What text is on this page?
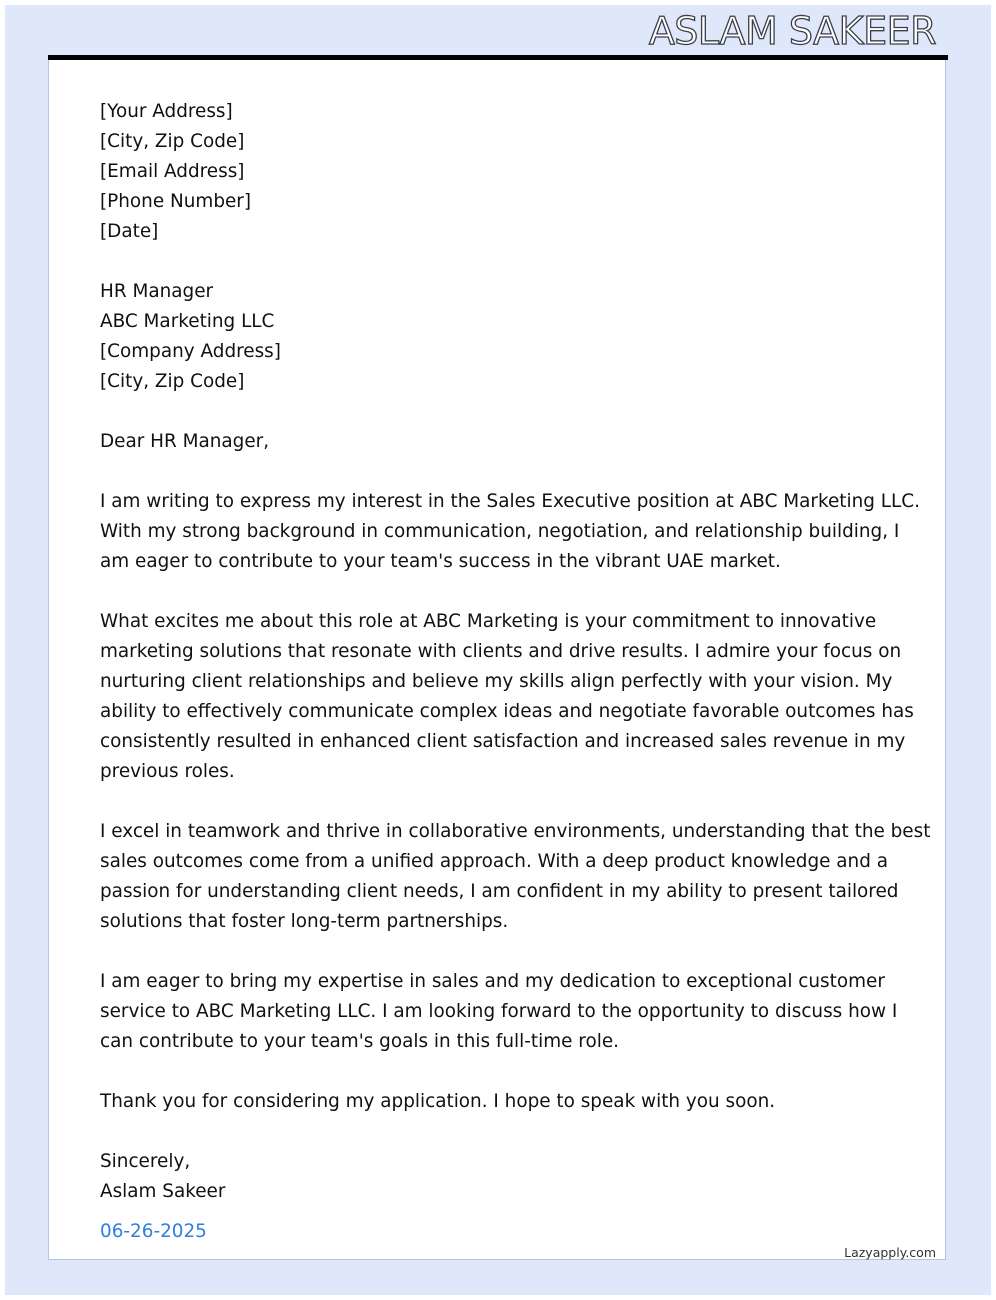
ASLAM SAKEER
[Your Address]
[City, Zip Code]
[Email Address]
[Phone Number]
[Date]
HR Manager
ABC Marketing LLC
[Company Address]
[City, Zip Code]
Dear HR Manager,
I am writing to express my interest in the Sales Executive position at ABC Marketing LLC.
With my strong background in communication, negotiation, and relationship building, I
am eager to contribute to your team's success in the vibrant UAE market.
What excites me about this role at ABC Marketing is your commitment to innovative
marketing solutions that resonate with clients and drive results. I admire your focus on
nurturing client relationships and believe my skills align perfectly with your vision. My
ability to effectively communicate complex ideas and negotiate favorable outcomes has
consistently resulted in enhanced client satisfaction and increased sales revenue in my
previous roles.
I excel in teamwork and thrive in collaborative environments, understanding that the best
sales outcomes come from a unified approach. With a deep product knowledge and a
passion for understanding client needs, I am confident in my ability to present tailored
solutions that foster long-term partnerships.
I am eager to bring my expertise in sales and my dedication to exceptional customer
service to ABC Marketing LLC. I am looking forward to the opportunity to discuss how I
can contribute to your team's goals in this full-time role.
Thank you for considering my application. I hope to speak with you soon.
Sincerely,
Aslam Sakeer
06-26-2025
Lazyapply.com
